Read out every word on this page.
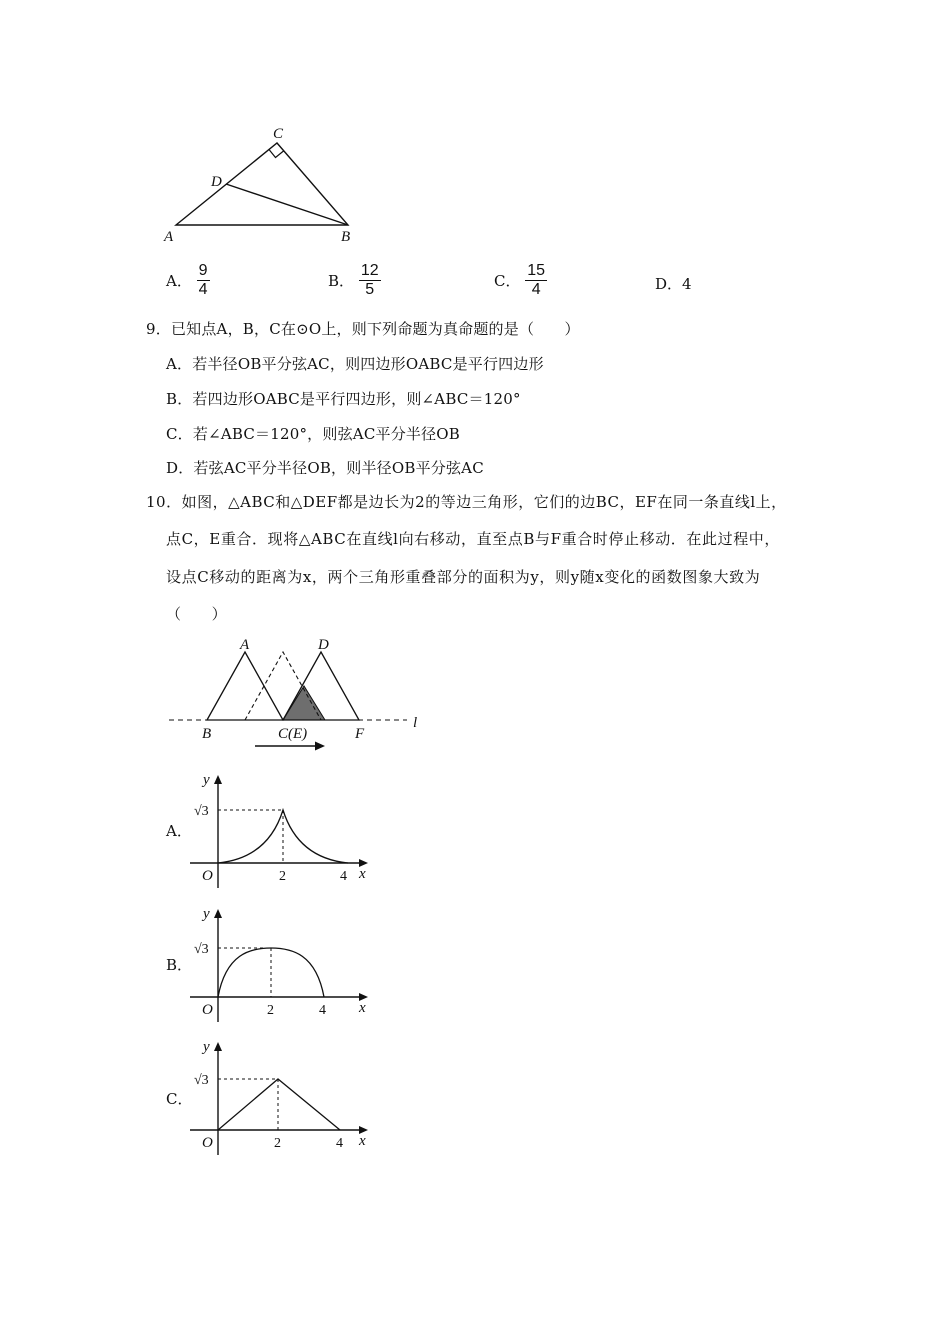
C
D
A	B
A． $\frac{9}{4}$	B． $\frac{12}{5}$	C． $\frac{15}{4}$	D．4
9．已知点A，B，C在⊙O上，则下列命题为真命题的是（　　）
A．若半径OB平分弦AC，则四边形OABC是平行四边形
B．若四边形OABC是平行四边形，则∠ABC＝120°
C．若∠ABC＝120°，则弦AC平分半径OB
D．若弦AC平分半径OB，则半径OB平分弦AC
10．如图，△ABC和△DEF都是边长为2的等边三角形，它们的边BC，EF在同一条直线l上，
点C，E重合．现将△ABC在直线l向右移动，直至点B与F重合时停止移动．在此过程中，
设点C移动的距离为x，两个三角形重叠部分的面积为y，则y随x变化的函数图象大致为
（　　）
A	D
B	C(E)	F
l
A．
y
√3
O	2	4 x
B．
y
√3
O	2	4 x
C．
y
√3
O	2	4 x
